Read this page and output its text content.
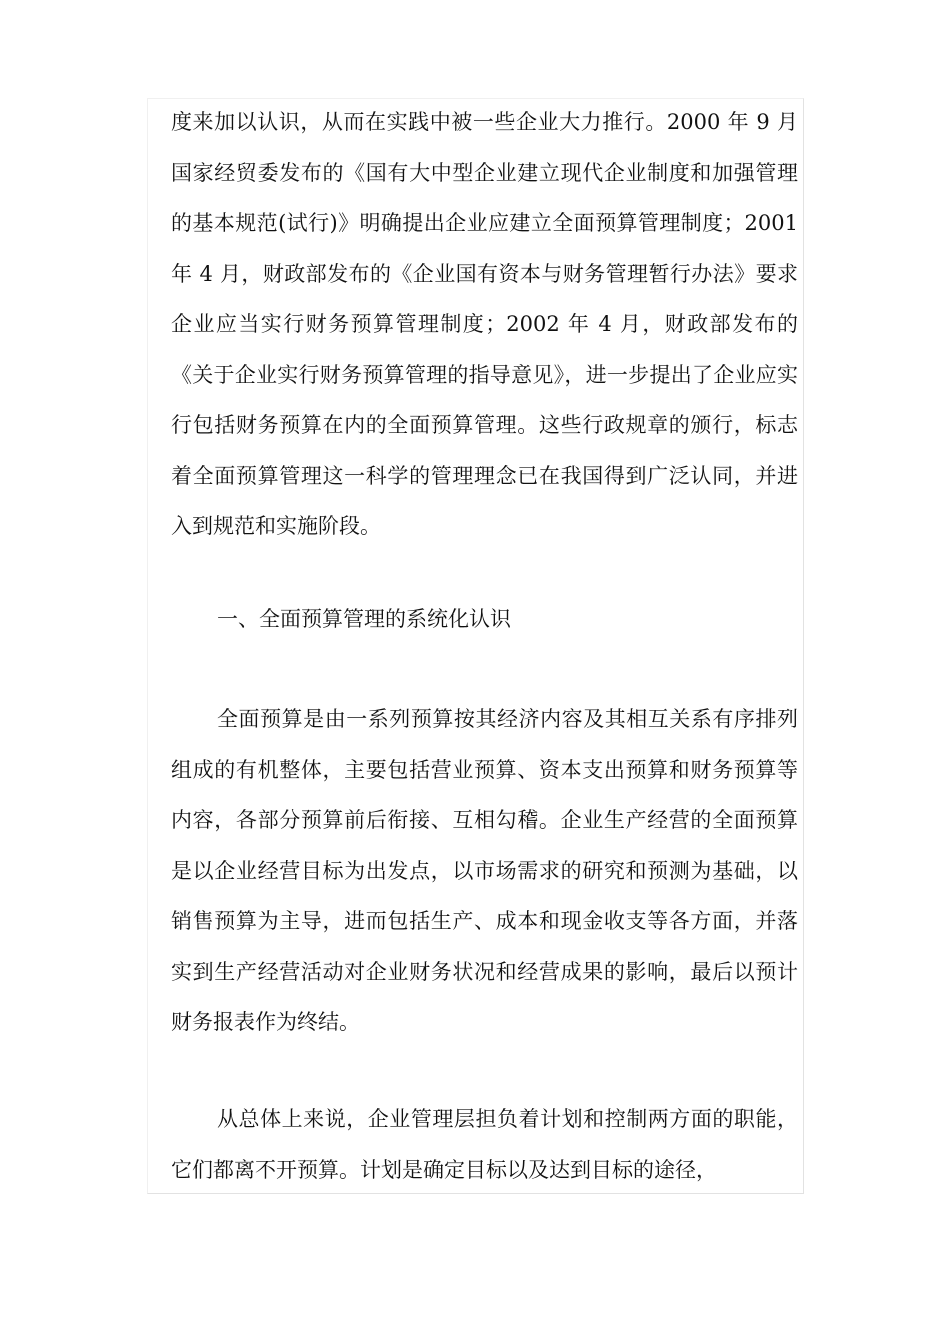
度来加以认识，从而在实践中被一些企业大力推行。2000 年 9 月国家经贸委发布的《国有大中型企业建立现代企业制度和加强管理的基本规范(试行)》明确提出企业应建立全面预算管理制度；2001 年 4 月，财政部发布的《企业国有资本与财务管理暂行办法》要求企业应当实行财务预算管理制度；2002 年 4 月，财政部发布的《关于企业实行财务预算管理的指导意见》，进一步提出了企业应实行包括财务预算在内的全面预算管理。这些行政规章的颁行，标志着全面预算管理这一科学的管理理念已在我国得到广泛认同，并进入到规范和实施阶段。

一、全面预算管理的系统化认识

全面预算是由一系列预算按其经济内容及其相互关系有序排列组成的有机整体，主要包括营业预算、资本支出预算和财务预算等内容，各部分预算前后衔接、互相勾稽。企业生产经营的全面预算是以企业经营目标为出发点，以市场需求的研究和预测为基础，以销售预算为主导，进而包括生产、成本和现金收支等各方面，并落实到生产经营活动对企业财务状况和经营成果的影响，最后以预计财务报表作为终结。

从总体上来说，企业管理层担负着计划和控制两方面的职能，它们都离不开预算。计划是确定目标以及达到目标的途径，
